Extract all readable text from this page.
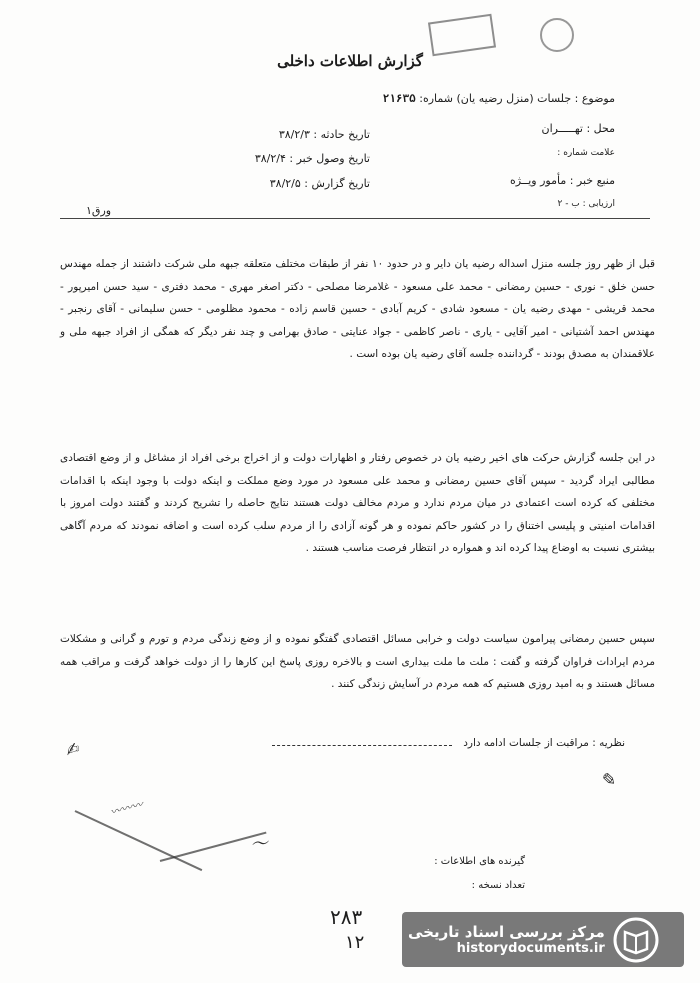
گزارش اطلاعات داخلی
موضوع : جلسات (منزل رضیه یان) شماره: ۲۱۶۳۵
محل : تهـــــران
تاریخ حادثه : ۳۸/۲/۳
علامت شماره :
تاریخ وصول خبر : ۳۸/۲/۴
منبع خبر : مأمور ویــژه
تاریخ گزارش : ۳۸/۲/۵
ارزیابی : ب - ۲
ورق۱
قبل از ظهر روز جلسه منزل اسداله رضیه یان دایر و در حدود ۱۰ نفر از طبقات مختلف متعلقه جبهه ملی شرکت داشتند از جمله مهندس حسن خلق - نوری - حسین رمضانی - محمد علی مسعود - غلامرضا مصلحی - دکتر اصغر مهری - محمد دفتری - سید حسن امیرپور - محمد قریشی - مهدی رضیه یان - مسعود شادی - کریم آبادی - حسین قاسم زاده - محمود مظلومی - حسن سلیمانی - آقای رنجبر - مهندس احمد آشتیانی - امیر آقایی - یاری - ناصر کاظمی - جواد عنایتی - صادق بهرامی و چند نفر دیگر که همگی از افراد جبهه ملی و علاقمندان به مصدق بودند - گرداننده جلسه آقای رضیه یان بوده است .
در این جلسه گزارش حرکت های اخیر رضیه یان در خصوص رفتار و اظهارات دولت و از اخراج برخی افراد از مشاغل و از وضع اقتصادی مطالبی ایراد گردید - سپس آقای حسین رمضانی و محمد علی مسعود در مورد وضع مملکت و اینکه دولت با وجود اینکه با اقدامات مختلفی که کرده است اعتمادی در میان مردم ندارد و مردم مخالف دولت هستند نتایج حاصله را تشریح کردند و گفتند دولت امروز با اقدامات امنیتی و پلیسی اختناق را در کشور حاکم نموده و هر گونه آزادی را از مردم سلب کرده است و اضافه نمودند که مردم آگاهی بیشتری نسبت به اوضاع پیدا کرده اند و همواره در انتظار فرصت مناسب هستند .
سپس حسین رمضانی پیرامون سیاست دولت و خرابی مسائل اقتصادی گفتگو نموده و از وضع زندگی مردم و تورم و گرانی و مشکلات مردم ایرادات فراوان گرفته و گفت : ملت ما ملت بیداری است و بالاخره روزی پاسخ این کارها را از دولت خواهد گرفت و مراقب همه مسائل هستند و به امید روزی هستیم که همه مردم در آسایش زندگی کنند .
نظریه : مراقبت از جلسات ادامه دارد
✍︎
✎
〰〰〰
〜
گیرنده های اطلاعات :
تعداد نسخه :
۲۸۳
۱۲	مرکز بررسی اسناد تاریخی
historydocuments.ir
